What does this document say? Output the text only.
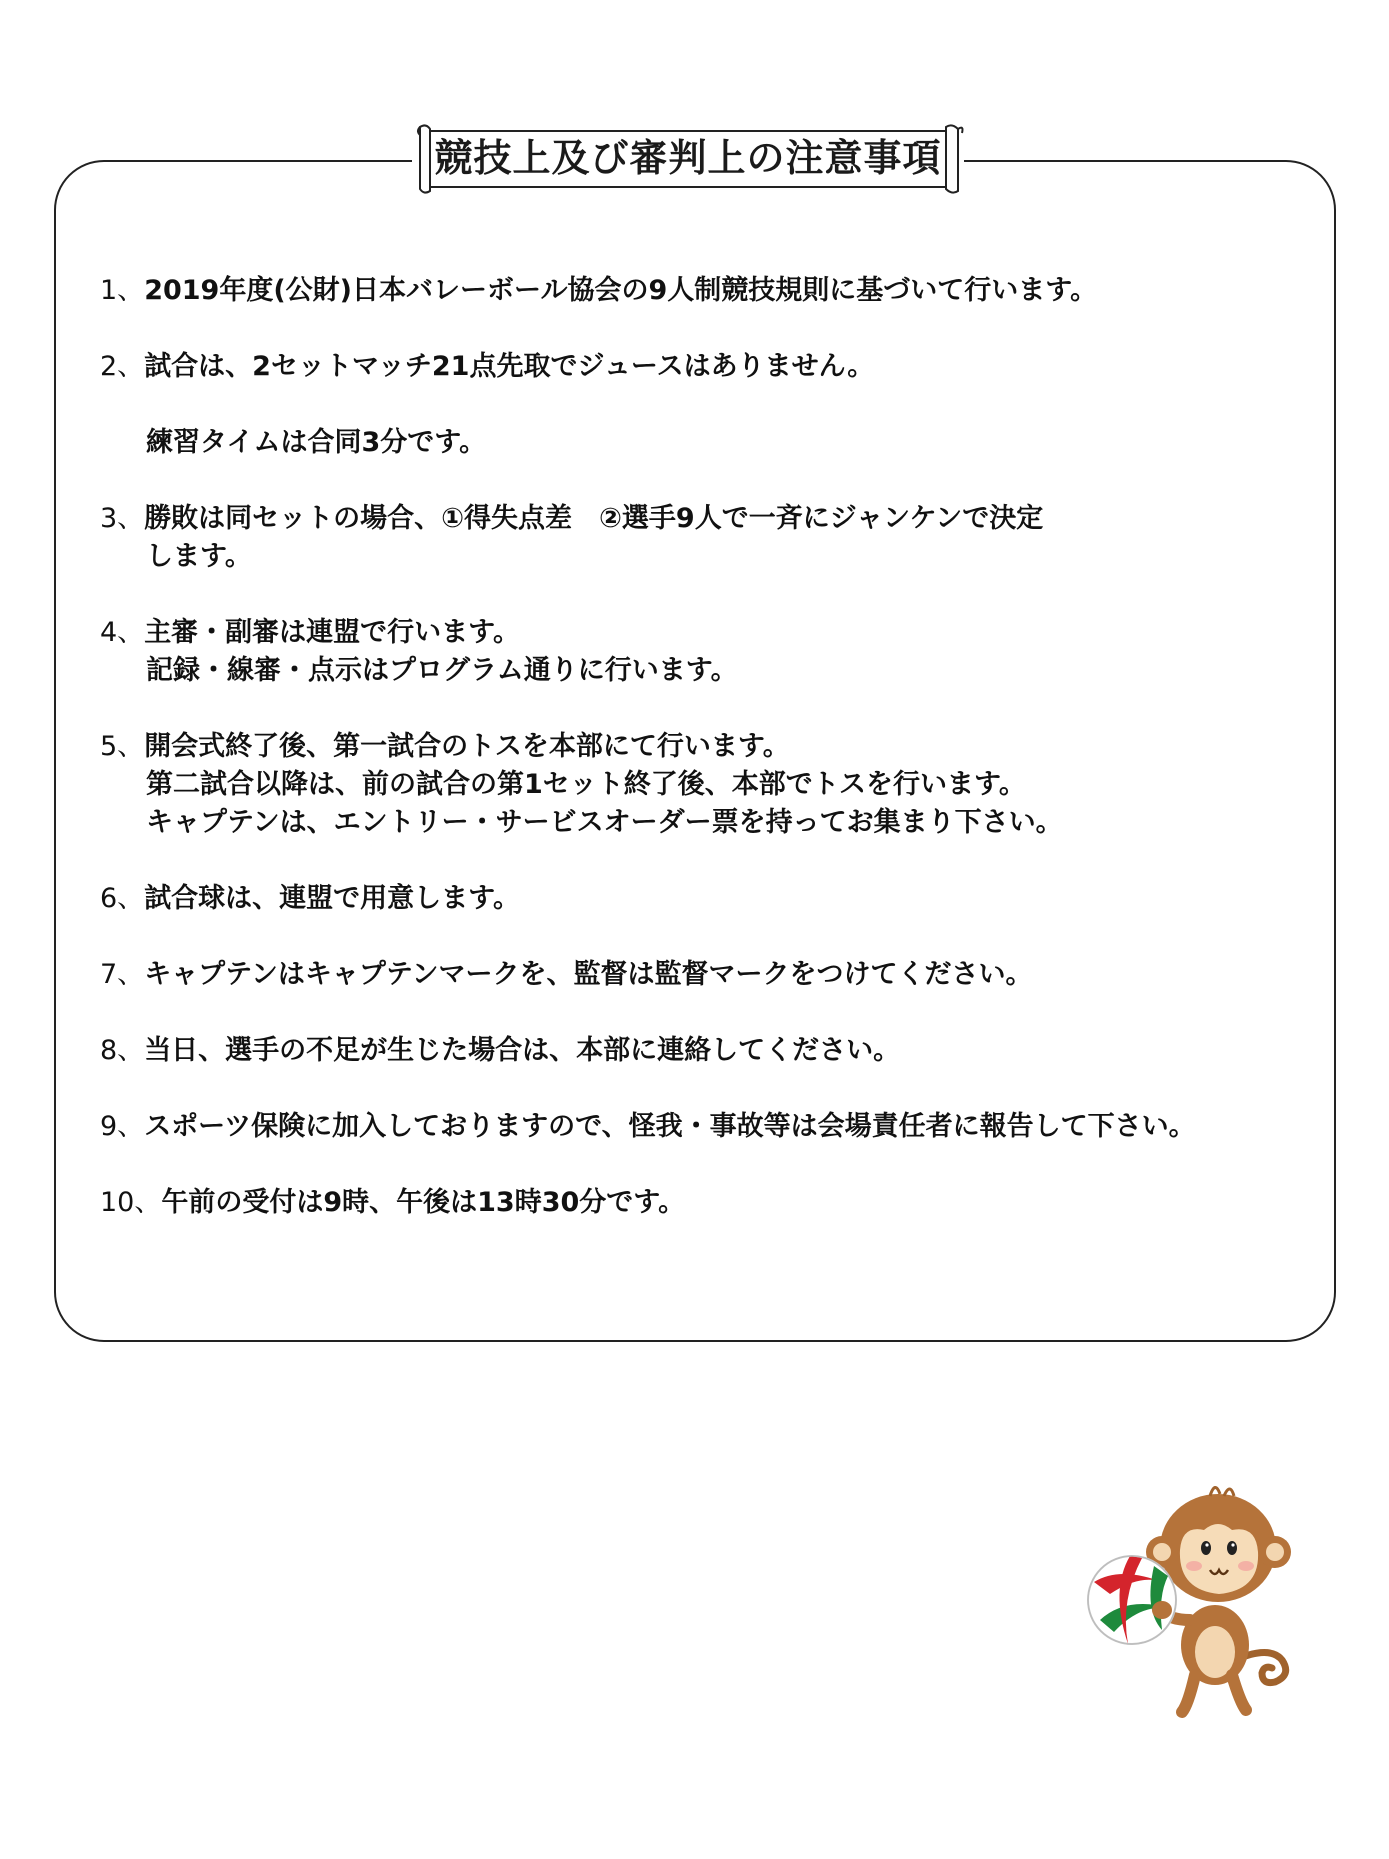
競技上及び審判上の注意事項
1、2019年度(公財)日本バレーボール協会の9人制競技規則に基づいて行います。
2、試合は、2セットマッチ21点先取でジュースはありません。
練習タイムは合同3分です。
3、勝敗は同セットの場合、①得失点差　②選手9人で一斉にジャンケンで決定
します。
4、主審・副審は連盟で行います。
記録・線審・点示はプログラム通りに行います。
5、開会式終了後、第一試合のトスを本部にて行います。
第二試合以降は、前の試合の第1セット終了後、本部でトスを行います。
キャプテンは、エントリー・サービスオーダー票を持ってお集まり下さい。
6、試合球は、連盟で用意します。
7、キャプテンはキャプテンマークを、監督は監督マークをつけてください。
8、当日、選手の不足が生じた場合は、本部に連絡してください。
9、スポーツ保険に加入しておりますので、怪我・事故等は会場責任者に報告して下さい。
10、午前の受付は9時、午後は13時30分です。
